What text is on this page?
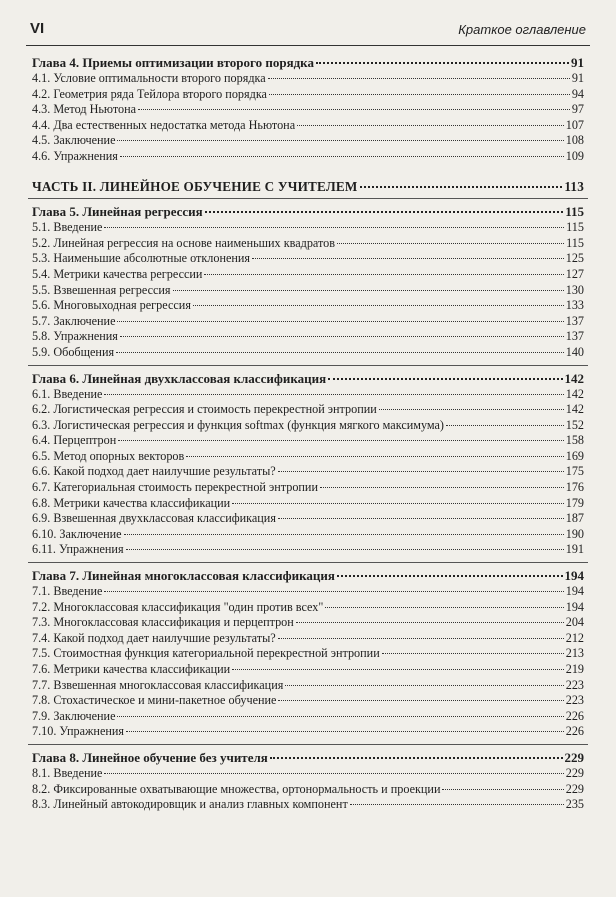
VI	Краткое оглавление
Глава 4. Приемы оптимизации второго порядка	91
4.1. Условие оптимальности второго порядка	91
4.2. Геометрия ряда Тейлора второго порядка	94
4.3. Метод Ньютона	97
4.4. Два естественных недостатка метода Ньютона	107
4.5. Заключение	108
4.6. Упражнения	109
ЧАСТЬ II. ЛИНЕЙНОЕ ОБУЧЕНИЕ С УЧИТЕЛЕМ	113
Глава 5. Линейная регрессия	115
5.1. Введение	115
5.2. Линейная регрессия на основе наименьших квадратов	115
5.3. Наименьшие абсолютные отклонения	125
5.4. Метрики качества регрессии	127
5.5. Взвешенная регрессия	130
5.6. Многовыходная регрессия	133
5.7. Заключение	137
5.8. Упражнения	137
5.9. Обобщения	140
Глава 6. Линейная двухклассовая классификация	142
6.1. Введение	142
6.2. Логистическая регрессия и стоимость перекрестной энтропии	142
6.3. Логистическая регрессия и функция softmax (функция мягкого максимума)	152
6.4. Перцептрон	158
6.5. Метод опорных векторов	169
6.6. Какой подход дает наилучшие результаты?	175
6.7. Категориальная стоимость перекрестной энтропии	176
6.8. Метрики качества классификации	179
6.9. Взвешенная двухклассовая классификация	187
6.10. Заключение	190
6.11. Упражнения	191
Глава 7. Линейная многоклассовая классификация	194
7.1. Введение	194
7.2. Многоклассовая классификация "один против всех"	194
7.3. Многоклассовая классификация и перцептрон	204
7.4. Какой подход дает наилучшие результаты?	212
7.5. Стоимостная функция категориальной перекрестной энтропии	213
7.6. Метрики качества классификации	219
7.7. Взвешенная многоклассовая классификация	223
7.8. Стохастическое и мини-пакетное обучение	223
7.9. Заключение	226
7.10. Упражнения	226
Глава 8. Линейное обучение без учителя	229
8.1. Введение	229
8.2. Фиксированные охватывающие множества, ортонормальность и проекции	229
8.3. Линейный автокодировщик и анализ главных компонент	235
